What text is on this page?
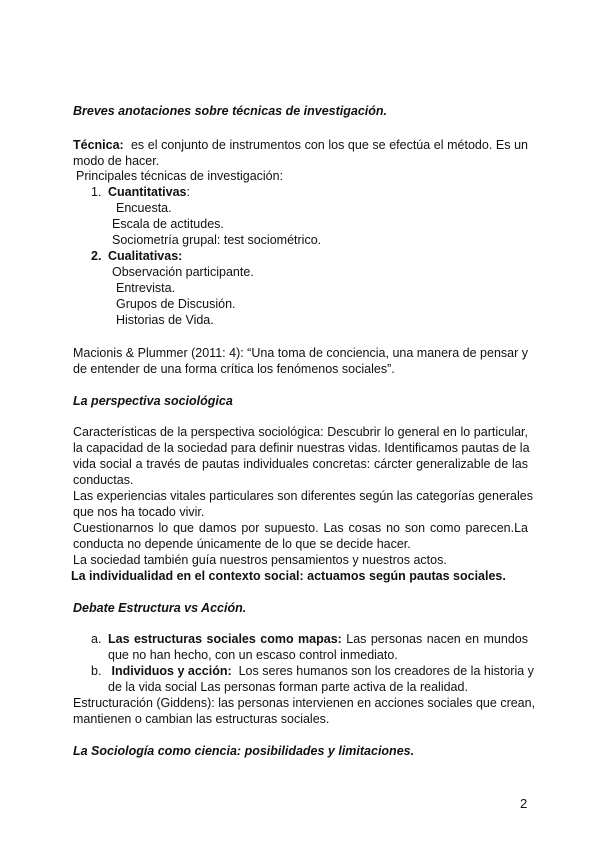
Breves anotaciones sobre técnicas de investigación.
Técnica: es el conjunto de instrumentos con los que se efectúa el método. Es un
modo de hacer.
Principales técnicas de investigación:
1. Cuantitativas:
Encuesta.
Escala de actitudes.
Sociometría grupal: test sociométrico.
2. Cualitativas:
Observación participante.
Entrevista.
Grupos de Discusión.
Historias de Vida.
Macionis & Plummer (2011: 4): “Una toma de conciencia, una manera de pensar y
de entender de una forma crítica los fenómenos sociales”.
La perspectiva sociológica
Características de la perspectiva sociológica: Descubrir lo general en lo particular,
la capacidad de la sociedad para definir nuestras vidas. Identificamos pautas de la
vida social a través de pautas individuales concretas: cárcter generalizable de las
conductas.
Las experiencias vitales particulares son diferentes según las categorías generales
que nos ha tocado vivir.
Cuestionarnos lo que damos por supuesto. Las cosas no son como parecen.La
conducta no depende únicamente de lo que se decide hacer.
La sociedad también guía nuestros pensamientos y nuestros actos.
La individualidad en el contexto social: actuamos según pautas sociales.
Debate Estructura vs Acción.
a. Las estructuras sociales como mapas: Las personas nacen en mundos
que no han hecho, con un escaso control inmediato.
b. Individuos y acción: Los seres humanos son los creadores de la historia y
de la vida social Las personas forman parte activa de la realidad.
Estructuración (Giddens): las personas intervienen en acciones sociales que crean,
mantienen o cambian las estructuras sociales.
La Sociología como ciencia: posibilidades y limitaciones.
2
